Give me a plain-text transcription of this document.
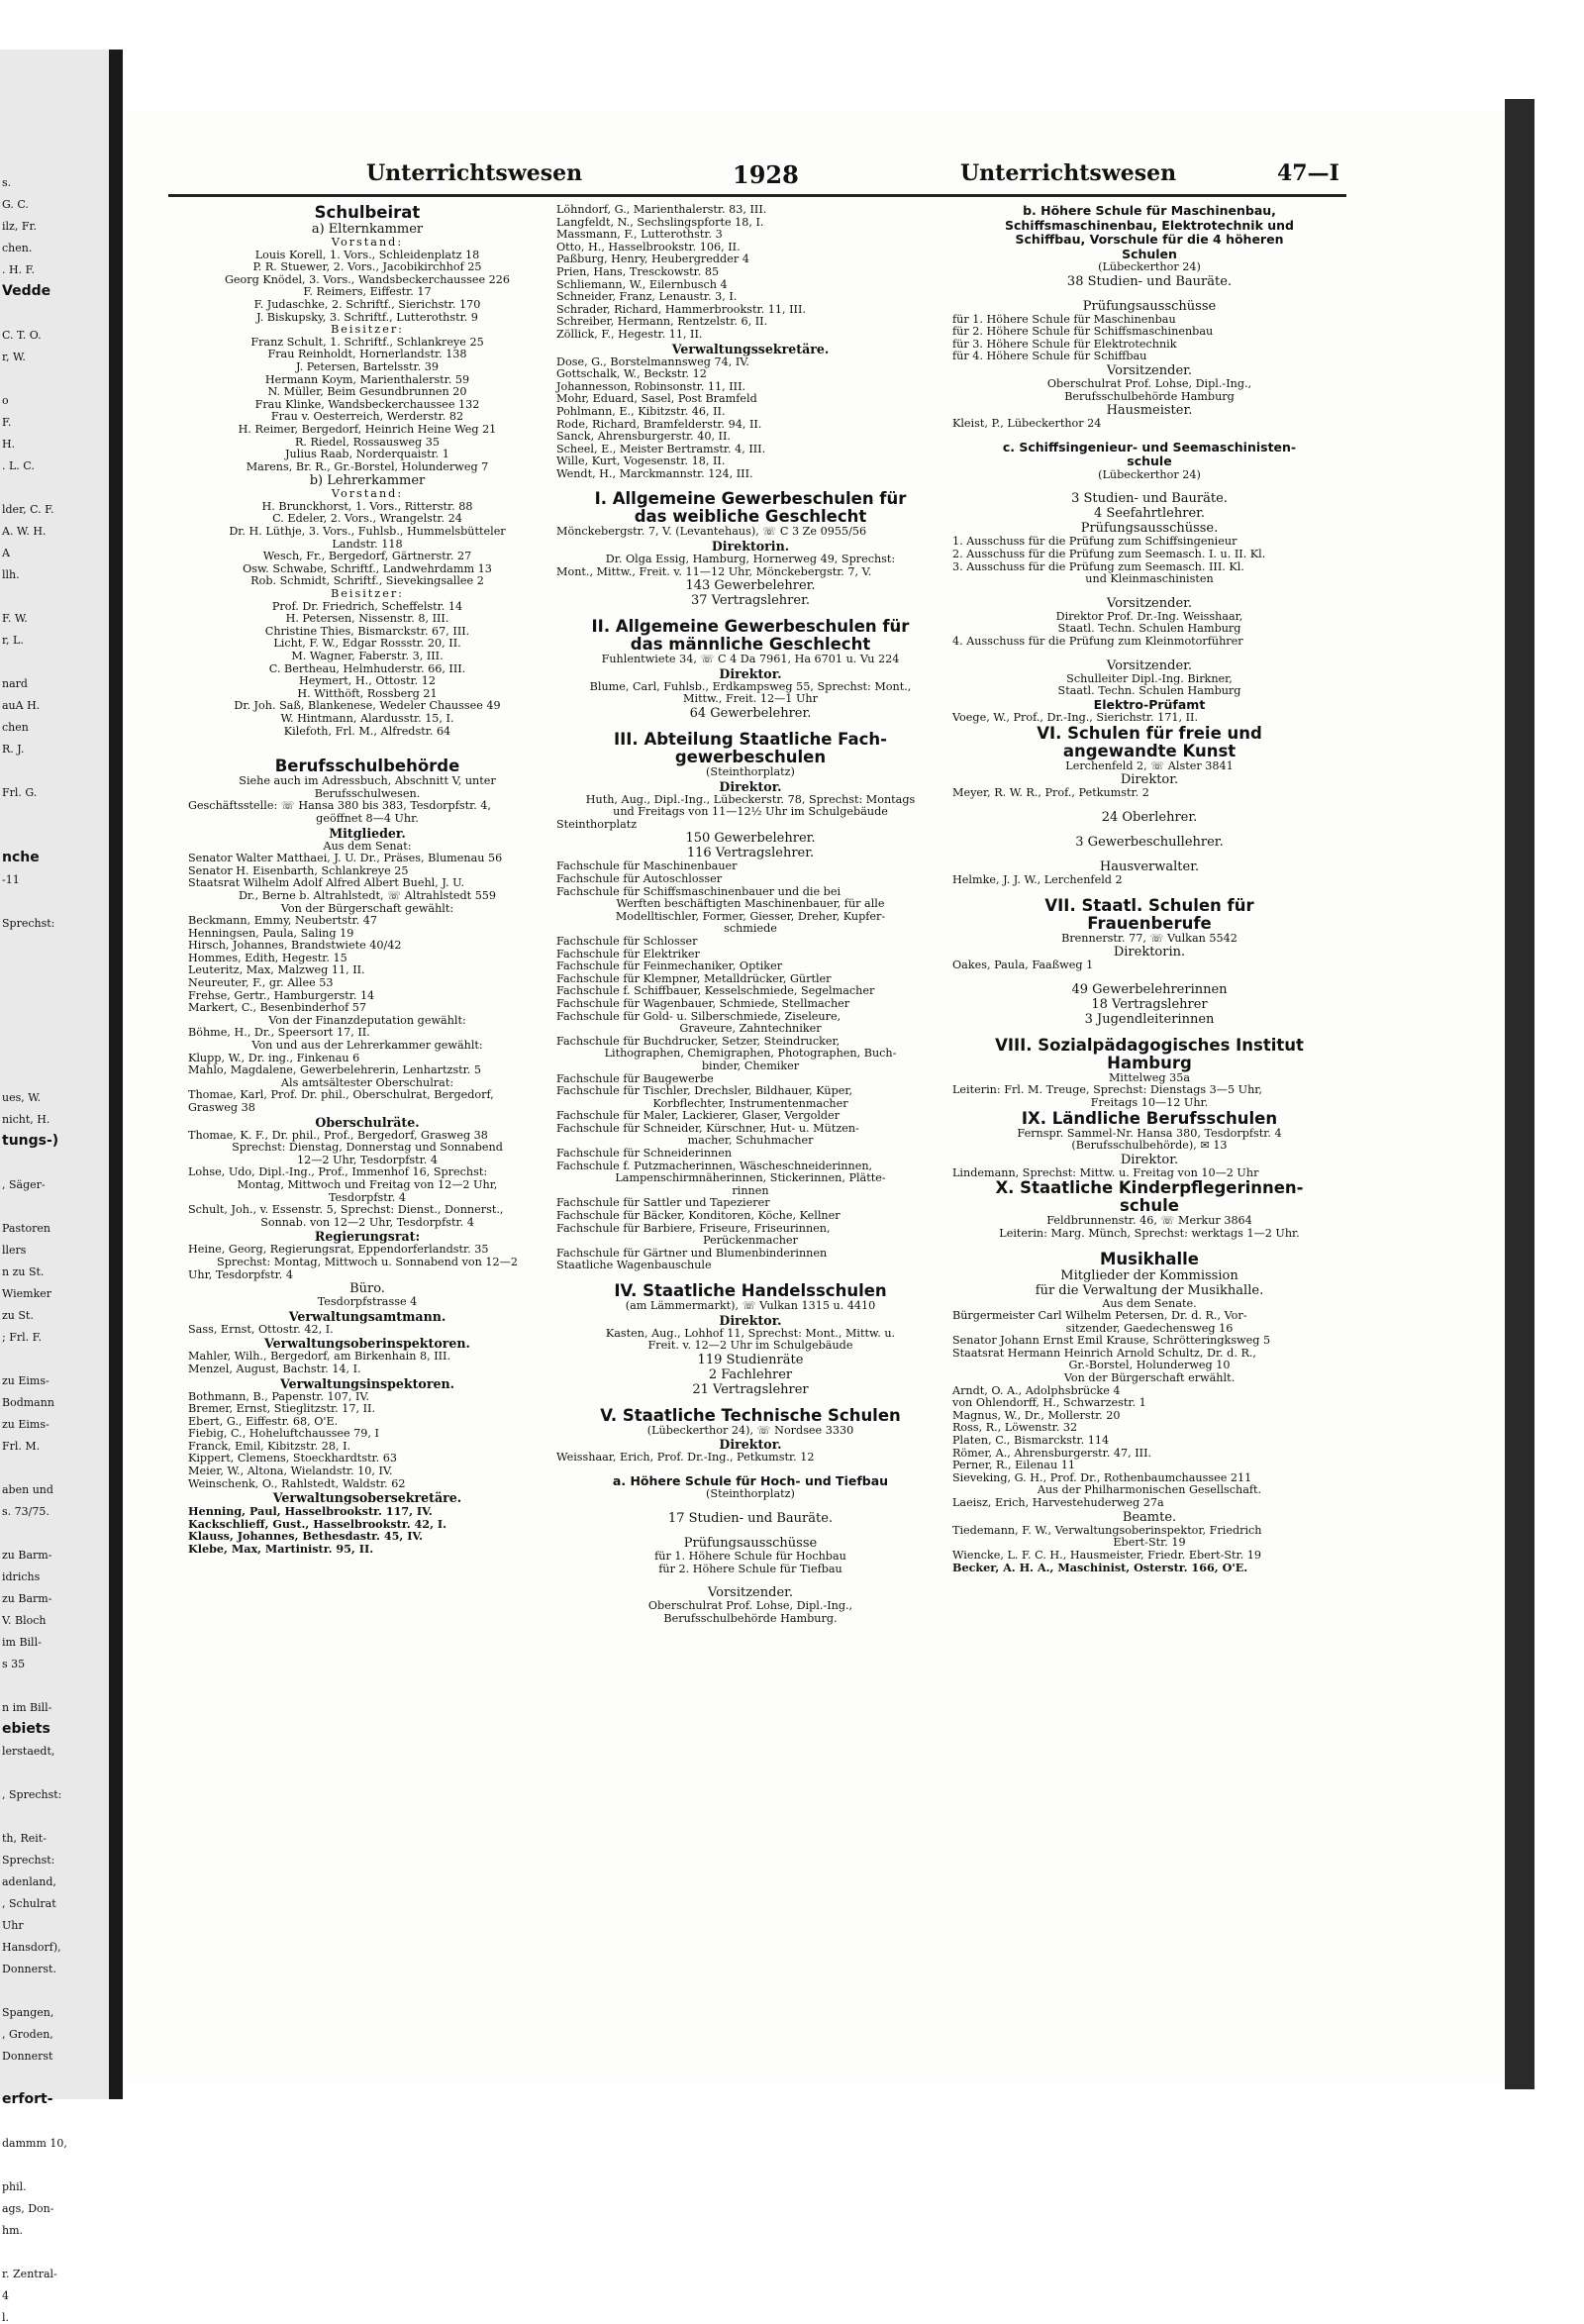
s.
G. C.
ilz, Fr.
chen.
. H. F.
Vedde
C. T. O.
r, W.
o
F.
H.
. L. C.
lder, C. F.
A. W. H.
A
llh.
F. W.
r, L.
nard
auA H.
chen
R. J.
Frl. G.
nche
-11
Sprechst:
ues, W.
nicht, H.
tungs-)
, Säger-
Pastoren
llers
n zu St.
Wiemker
zu St.
; Frl. F.
zu Eims-
Bodmann
zu Eims-
Frl. M.
aben und
s. 73/75.
zu Barm-
idrichs
zu Barm-
V. Bloch
im Bill-
s 35
n im Bill-
ebiets
lerstaedt,
, Sprechst:
th, Reit-
Sprechst:
adenland,
, Schulrat
Uhr
Hansdorf),
Donnerst.
Spangen,
, Groden,
Donnerst
erfort-
dammm 10,
phil.
ags, Don-
hm.
r. Zentral-
4
l.
Unterrichtswesen	1928	Unterrichtswesen	47—I
Schulbeirat
a) Elternkammer
Vorstand:
Louis Korell, 1. Vors., Schleidenplatz 18
P. R. Stuewer, 2. Vors., Jacobikirchhof 25
Georg Knödel, 3. Vors., Wandsbeckerchaussee 226
F. Reimers, Eiffestr. 17
F. Judaschke, 2. Schriftf., Sierichstr. 170
J. Biskupsky, 3. Schriftf., Lutterothstr. 9
Beisitzer:
Franz Schult, 1. Schriftf., Schlankreye 25
Frau Reinholdt, Hornerlandstr. 138
J. Petersen, Bartelsstr. 39
Hermann Koym, Marienthalerstr. 59
N. Müller, Beim Gesundbrunnen 20
Frau Klinke, Wandsbeckerchaussee 132
Frau v. Oesterreich, Werderstr. 82
H. Reimer, Bergedorf, Heinrich Heine Weg 21
R. Riedel, Rossausweg 35
Julius Raab, Norderquaistr. 1
Marens, Br. R., Gr.-Borstel, Holunderweg 7
b) Lehrerkammer
Vorstand:
H. Brunckhorst, 1. Vors., Ritterstr. 88
C. Edeler, 2. Vors., Wrangelstr. 24
Dr. H. Lüthje, 3. Vors., Fuhlsb., Hummelsbütteler
Landstr. 118
Wesch, Fr., Bergedorf, Gärtnerstr. 27
Osw. Schwabe, Schriftf., Landwehrdamm 13
Rob. Schmidt, Schriftf., Sievekingsallee 2
Beisitzer:
Prof. Dr. Friedrich, Scheffelstr. 14
H. Petersen, Nissenstr. 8, III.
Christine Thies, Bismarckstr. 67, III.
Licht, F. W., Edgar Rossstr. 20, II.
M. Wagner, Faberstr. 3, III.
C. Bertheau, Helmhuderstr. 66, III.
Heymert, H., Ottostr. 12
H. Witthöft, Rossberg 21
Dr. Joh. Saß, Blankenese, Wedeler Chaussee 49
W. Hintmann, Alardusstr. 15, I.
Kilefoth, Frl. M., Alfredstr. 64
Berufsschulbehörde
Siehe auch im Adressbuch, Abschnitt V, unter
Berufsschulwesen.
Geschäftsstelle: ☏ Hansa 380 bis 383, Tesdorpfstr. 4,
geöffnet 8—4 Uhr.
Mitglieder.
Aus dem Senat:
Senator Walter Matthaei, J. U. Dr., Präses, Blumenau 56
Senator H. Eisenbarth, Schlankreye 25
Staatsrat Wilhelm Adolf Alfred Albert Buehl, J. U.
Dr., Berne b. Altrahlstedt, ☏ Altrahlstedt 559
Von der Bürgerschaft gewählt:
Beckmann, Emmy, Neubertstr. 47
Henningsen, Paula, Saling 19
Hirsch, Johannes, Brandstwiete 40/42
Hommes, Edith, Hegestr. 15
Leuteritz, Max, Malzweg 11, II.
Neureuter, F., gr. Allee 53
Frehse, Gertr., Hamburgerstr. 14
Markert, C., Besenbinderhof 57
Von der Finanzdeputation gewählt:
Böhme, H., Dr., Speersort 17, II.
Von und aus der Lehrerkammer gewählt:
Klupp, W., Dr. ing., Finkenau 6
Mahlo, Magdalene, Gewerbelehrerin, Lenhartzstr. 5
Als amtsältester Oberschulrat:
Thomae, Karl, Prof. Dr. phil., Oberschulrat, Bergedorf,
Grasweg 38
Oberschulräte.
Thomae, K. F., Dr. phil., Prof., Bergedorf, Grasweg 38
Sprechst: Dienstag, Donnerstag und Sonnabend
12—2 Uhr, Tesdorpfstr. 4
Lohse, Udo, Dipl.-Ing., Prof., Immenhof 16, Sprechst:
Montag, Mittwoch und Freitag von 12—2 Uhr,
Tesdorpfstr. 4
Schult, Joh., v. Essenstr. 5, Sprechst: Dienst., Donnerst.,
Sonnab. von 12—2 Uhr, Tesdorpfstr. 4
Regierungsrat:
Heine, Georg, Regierungsrat, Eppendorferlandstr. 35
Sprechst: Montag, Mittwoch u. Sonnabend von 12—2
Uhr, Tesdorpfstr. 4
Büro.
Tesdorpfstrasse 4
Verwaltungsamtmann.
Sass, Ernst, Ottostr. 42, I.
Verwaltungsoberinspektoren.
Mahler, Wilh., Bergedorf, am Birkenhain 8, III.
Menzel, August, Bachstr. 14, I.
Verwaltungsinspektoren.
Bothmann, B., Papenstr. 107, IV.
Bremer, Ernst, Stieglitzstr. 17, II.
Ebert, G., Eiffestr. 68, O'E.
Fiebig, C., Hoheluftchaussee 79, I
Franck, Emil, Kibitzstr. 28, I.
Kippert, Clemens, Stoeckhardtstr. 63
Meier, W., Altona, Wielandstr. 10, IV.
Weinschenk, O., Rahlstedt, Waldstr. 62
Verwaltungsobersekretäre.
Henning, Paul, Hasselbrookstr. 117, IV.
Kackschlieff, Gust., Hasselbrookstr. 42, I.
Klauss, Johannes, Bethesdastr. 45, IV.
Klebe, Max, Martinistr. 95, II.
Löhndorf, G., Marienthalerstr. 83, III.
Langfeldt, N., Sechslingspforte 18, I.
Massmann, F., Lutterothstr. 3
Otto, H., Hasselbrookstr. 106, II.
Paßburg, Henry, Heubergredder 4
Prien, Hans, Tresckowstr. 85
Schliemann, W., Eilernbusch 4
Schneider, Franz, Lenaustr. 3, I.
Schrader, Richard, Hammerbrookstr. 11, III.
Schreiber, Hermann, Rentzelstr. 6, II.
Zöllick, F., Hegestr. 11, II.
Verwaltungssekretäre.
Dose, G., Borstelmannsweg 74, IV.
Gottschalk, W., Beckstr. 12
Johannesson, Robinsonstr. 11, III.
Mohr, Eduard, Sasel, Post Bramfeld
Pohlmann, E., Kibitzstr. 46, II.
Rode, Richard, Bramfelderstr. 94, II.
Sanck, Ahrensburgerstr. 40, II.
Scheel, E., Meister Bertramstr. 4, III.
Wille, Kurt, Vogesenstr. 18, II.
Wendt, H., Marckmannstr. 124, III.
I. Allgemeine Gewerbeschulen für
das weibliche Geschlecht
Mönckebergstr. 7, V. (Levantehaus), ☏ C 3 Ze 0955/56
Direktorin.
Dr. Olga Essig, Hamburg, Hornerweg 49, Sprechst:
Mont., Mittw., Freit. v. 11—12 Uhr, Mönckebergstr. 7, V.
143 Gewerbelehrer.
37 Vertragslehrer.
II. Allgemeine Gewerbeschulen für
das männliche Geschlecht
Fuhlentwiete 34, ☏ C 4 Da 7961, Ha 6701 u. Vu 224
Direktor.
Blume, Carl, Fuhlsb., Erdkampsweg 55, Sprechst: Mont.,
Mittw., Freit. 12—1 Uhr
64 Gewerbelehrer.
III. Abteilung Staatliche Fach-
gewerbeschulen
(Steinthorplatz)
Direktor.
Huth, Aug., Dipl.-Ing., Lübeckerstr. 78, Sprechst: Montags
und Freitags von 11—12½ Uhr im Schulgebäude
Steinthorplatz
150 Gewerbelehrer.
116 Vertragslehrer.
Fachschule für Maschinenbauer
Fachschule für Autoschlosser
Fachschule für Schiffsmaschinenbauer und die bei
Werften beschäftigten Maschinenbauer, für alle
Modelltischler, Former, Giesser, Dreher, Kupfer-
schmiede
Fachschule für Schlosser
Fachschule für Elektriker
Fachschule für Feinmechaniker, Optiker
Fachschule für Klempner, Metalldrücker, Gürtler
Fachschule f. Schiffbauer, Kesselschmiede, Segelmacher
Fachschule für Wagenbauer, Schmiede, Stellmacher
Fachschule für Gold- u. Silberschmiede, Ziseleure,
Graveure, Zahntechniker
Fachschule für Buchdrucker, Setzer, Steindrucker,
Lithographen, Chemigraphen, Photographen, Buch-
binder, Chemiker
Fachschule für Baugewerbe
Fachschule für Tischler, Drechsler, Bildhauer, Küper,
Korbflechter, Instrumentenmacher
Fachschule für Maler, Lackierer, Glaser, Vergolder
Fachschule für Schneider, Kürschner, Hut- u. Mützen-
macher, Schuhmacher
Fachschule für Schneiderinnen
Fachschule f. Putzmacherinnen, Wäscheschneiderinnen,
Lampenschirmnäherinnen, Stickerinnen, Plätte-
rinnen
Fachschule für Sattler und Tapezierer
Fachschule für Bäcker, Konditoren, Köche, Kellner
Fachschule für Barbiere, Friseure, Friseurinnen,
Perückenmacher
Fachschule für Gärtner und Blumenbinderinnen
Staatliche Wagenbauschule
IV. Staatliche Handelsschulen
(am Lämmermarkt), ☏ Vulkan 1315 u. 4410
Direktor.
Kasten, Aug., Lohhof 11, Sprechst: Mont., Mittw. u.
Freit. v. 12—2 Uhr im Schulgebäude
119 Studienräte
2 Fachlehrer
21 Vertragslehrer
V. Staatliche Technische Schulen
(Lübeckerthor 24), ☏ Nordsee 3330
Direktor.
Weisshaar, Erich, Prof. Dr.-Ing., Petkumstr. 12
a. Höhere Schule für Hoch- und Tiefbau
(Steinthorplatz)
17 Studien- und Bauräte.
Prüfungsausschüsse
für 1. Höhere Schule für Hochbau
für 2. Höhere Schule für Tiefbau
Vorsitzender.
Oberschulrat Prof. Lohse, Dipl.-Ing.,
Berufsschulbehörde Hamburg.
b. Höhere Schule für Maschinenbau,
Schiffsmaschinenbau, Elektrotechnik und
Schiffbau, Vorschule für die 4 höheren
Schulen
(Lübeckerthor 24)
38 Studien- und Bauräte.
Prüfungsausschüsse
für 1. Höhere Schule für Maschinenbau
für 2. Höhere Schule für Schiffsmaschinenbau
für 3. Höhere Schule für Elektrotechnik
für 4. Höhere Schule für Schiffbau
Vorsitzender.
Oberschulrat Prof. Lohse, Dipl.-Ing.,
Berufsschulbehörde Hamburg
Hausmeister.
Kleist, P., Lübeckerthor 24
c. Schiffsingenieur- und Seemaschinisten-
schule
(Lübeckerthor 24)
3 Studien- und Bauräte.
4 Seefahrtlehrer.
Prüfungsausschüsse.
1. Ausschuss für die Prüfung zum Schiffsingenieur
2. Ausschuss für die Prüfung zum Seemasch. I. u. II. Kl.
3. Ausschuss für die Prüfung zum Seemasch. III. Kl.
und Kleinmaschinisten
Vorsitzender.
Direktor Prof. Dr.-Ing. Weisshaar,
Staatl. Techn. Schulen Hamburg
4. Ausschuss für die Prüfung zum Kleinmotorführer
Vorsitzender.
Schulleiter Dipl.-Ing. Birkner,
Staatl. Techn. Schulen Hamburg
Elektro-Prüfamt
Voege, W., Prof., Dr.-Ing., Sierichstr. 171, II.
VI. Schulen für freie und
angewandte Kunst
Lerchenfeld 2, ☏ Alster 3841
Direktor.
Meyer, R. W. R., Prof., Petkumstr. 2
24 Oberlehrer.
3 Gewerbeschullehrer.
Hausverwalter.
Helmke, J. J. W., Lerchenfeld 2
VII. Staatl. Schulen für
Frauenberufe
Brennerstr. 77, ☏ Vulkan 5542
Direktorin.
Oakes, Paula, Faaßweg 1
49 Gewerbelehrerinnen
18 Vertragslehrer
3 Jugendleiterinnen
VIII. Sozialpädagogisches Institut
Hamburg
Mittelweg 35a
Leiterin: Frl. M. Treuge, Sprechst: Dienstags 3—5 Uhr,
Freitags 10—12 Uhr.
IX. Ländliche Berufsschulen
Fernspr. Sammel-Nr. Hansa 380, Tesdorpfstr. 4
(Berufsschulbehörde), ✉ 13
Direktor.
Lindemann, Sprechst: Mittw. u. Freitag von 10—2 Uhr
X. Staatliche Kinderpflegerinnen-
schule
Feldbrunnenstr. 46, ☏ Merkur 3864
Leiterin: Marg. Münch, Sprechst: werktags 1—2 Uhr.
Musikhalle
Mitglieder der Kommission
für die Verwaltung der Musikhalle.
Aus dem Senate.
Bürgermeister Carl Wilhelm Petersen, Dr. d. R., Vor-
sitzender, Gaedechensweg 16
Senator Johann Ernst Emil Krause, Schrötteringksweg 5
Staatsrat Hermann Heinrich Arnold Schultz, Dr. d. R.,
Gr.-Borstel, Holunderweg 10
Von der Bürgerschaft erwählt.
Arndt, O. A., Adolphsbrücke 4
von Ohlendorff, H., Schwarzestr. 1
Magnus, W., Dr., Mollerstr. 20
Ross, R., Löwenstr. 32
Platen, C., Bismarckstr. 114
Römer, A., Ahrensburgerstr. 47, III.
Perner, R., Eilenau 11
Sieveking, G. H., Prof. Dr., Rothenbaumchaussee 211
Aus der Philharmonischen Gesellschaft.
Laeisz, Erich, Harvestehuderweg 27a
Beamte.
Tiedemann, F. W., Verwaltungsoberinspektor, Friedrich
Ebert-Str. 19
Wiencke, L. F. C. H., Hausmeister, Friedr. Ebert-Str. 19
Becker, A. H. A., Maschinist, Osterstr. 166, O'E.
